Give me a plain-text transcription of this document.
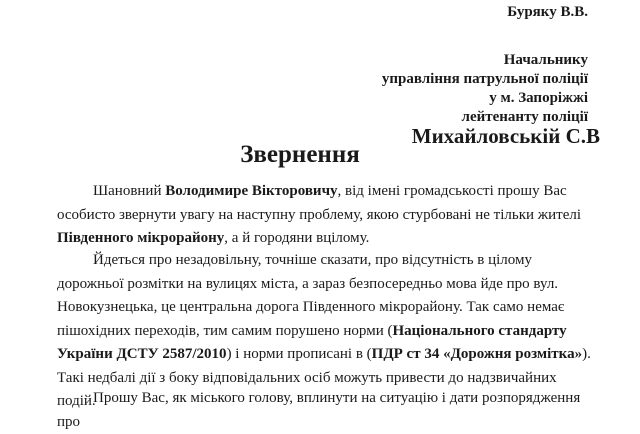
Буряку В.В.
Начальнику
управління патрульної поліції
у м. Запоріжжі
лейтенанту поліції
Михайловській С.В
Звернення

Шановний Володимире Вікторовичу, від імені громадськості прошу Вас особисто звернути увагу на наступну проблему, якою стурбовані не тільки жителі Південного мікрорайону, а й городяни вцілому.

Йдеться про незадовільну, точніше сказати, про відсутність в цілому дорожньої розмітки на вулицях міста, а зараз безпосередньо мова йде про вул. Новокузнецька, це центральна дорога Південного мікрорайону. Так само немає пішохідних переходів, тим самим порушено норми (Національного стандарту України ДСТУ 2587/2010) і норми прописані в (ПДР ст 34 «Дорожня розмітка»). Такі недбалі дії з боку відповідальних осіб можуть привести до надзвичайних подій.

Прошу Вас, як міського голову, вплинути на ситуацію і дати розпорядження про
